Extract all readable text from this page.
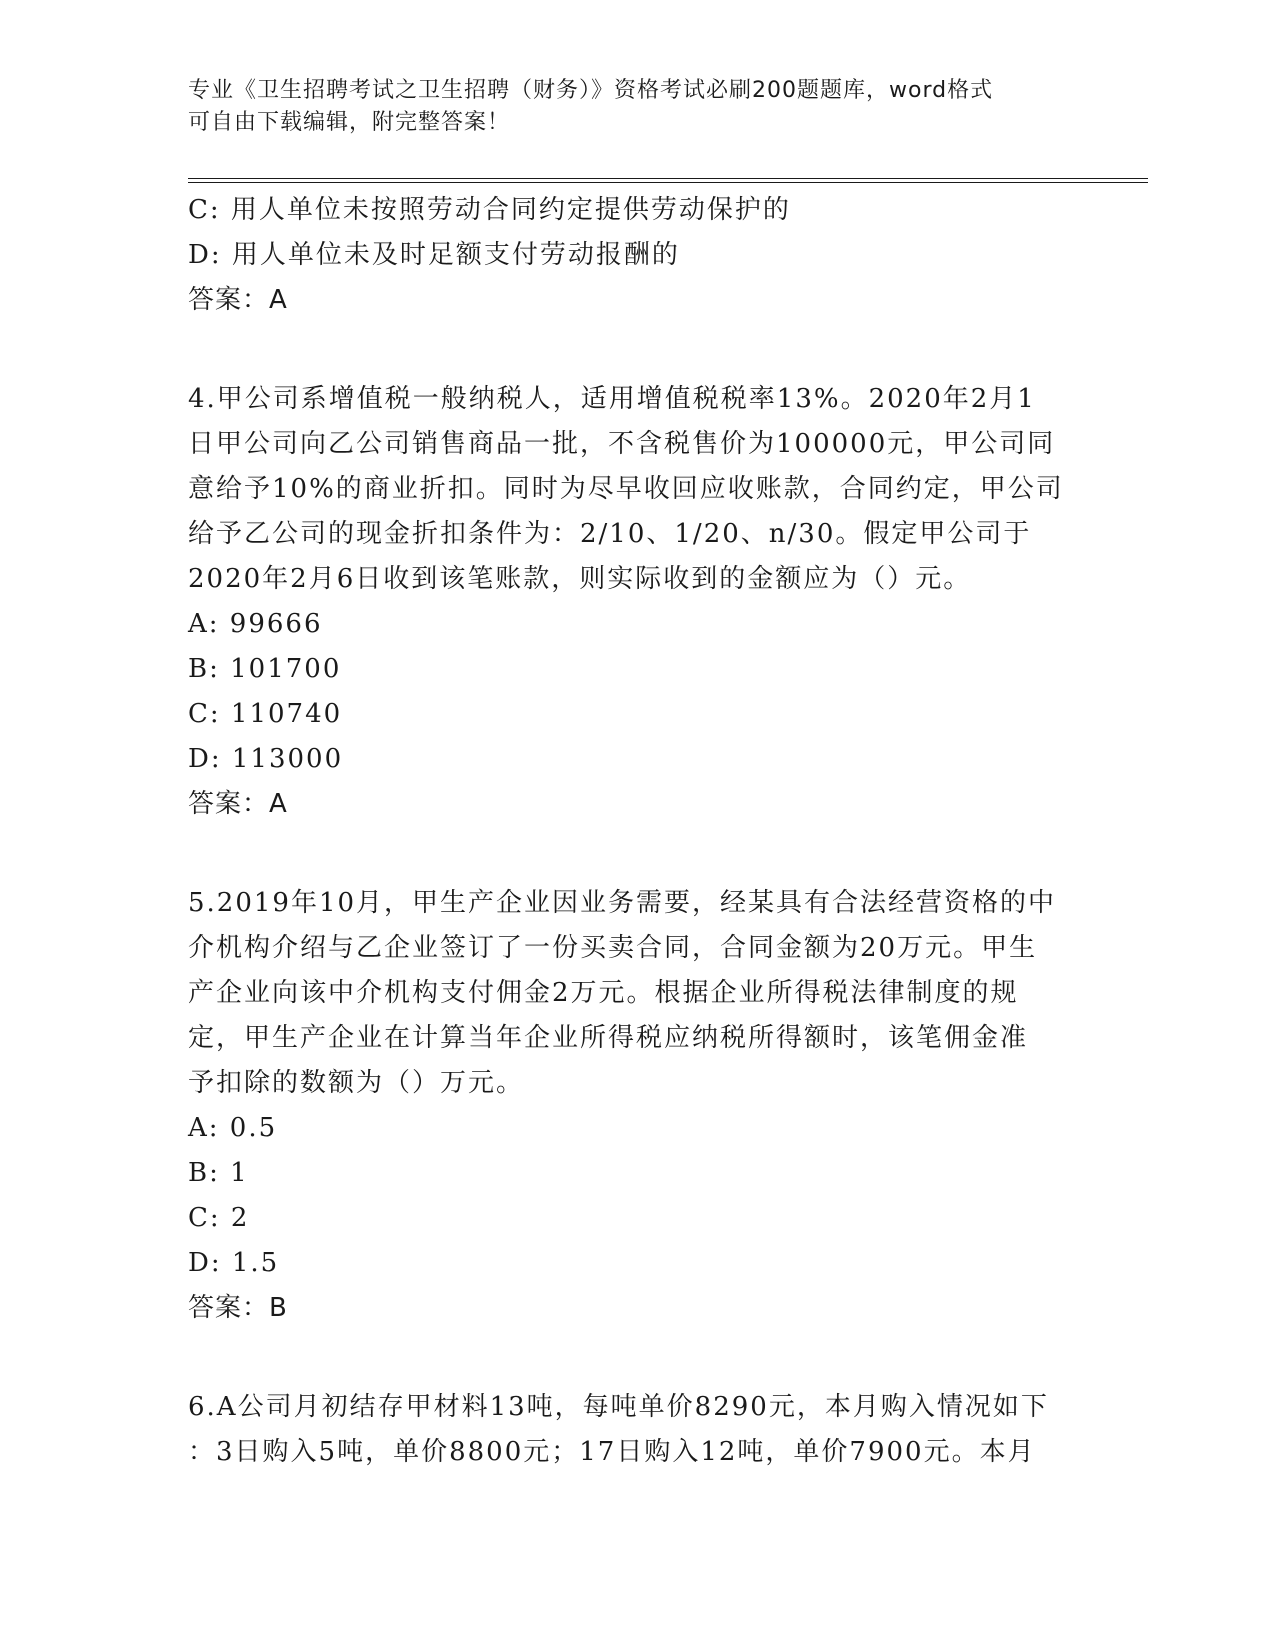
专业《卫生招聘考试之卫生招聘（财务）》资格考试必刷200题题库，word格式
可自由下载编辑，附完整答案！
C: 用人单位未按照劳动合同约定提供劳动保护的
D: 用人单位未及时足额支付劳动报酬的
答案：A
4.甲公司系增值税一般纳税人，适用增值税税率13%。2020年2月1
日甲公司向乙公司销售商品一批，不含税售价为100000元，甲公司同
意给予10%的商业折扣。同时为尽早收回应收账款，合同约定，甲公司
给予乙公司的现金折扣条件为：2/10、1/20、n/30。假定甲公司于
2020年2月6日收到该笔账款，则实际收到的金额应为（）元。
A: 99666
B: 101700
C: 110740
D: 113000
答案：A
5.2019年10月，甲生产企业因业务需要，经某具有合法经营资格的中
介机构介绍与乙企业签订了一份买卖合同，合同金额为20万元。甲生
产企业向该中介机构支付佣金2万元。根据企业所得税法律制度的规
定，甲生产企业在计算当年企业所得税应纳税所得额时，该笔佣金准
予扣除的数额为（）万元。
A: 0.5
B: 1
C: 2
D: 1.5
答案：B
6.A公司月初结存甲材料13吨，每吨单价8290元，本月购入情况如下
：3日购入5吨，单价8800元；17日购入12吨，单价7900元。本月
